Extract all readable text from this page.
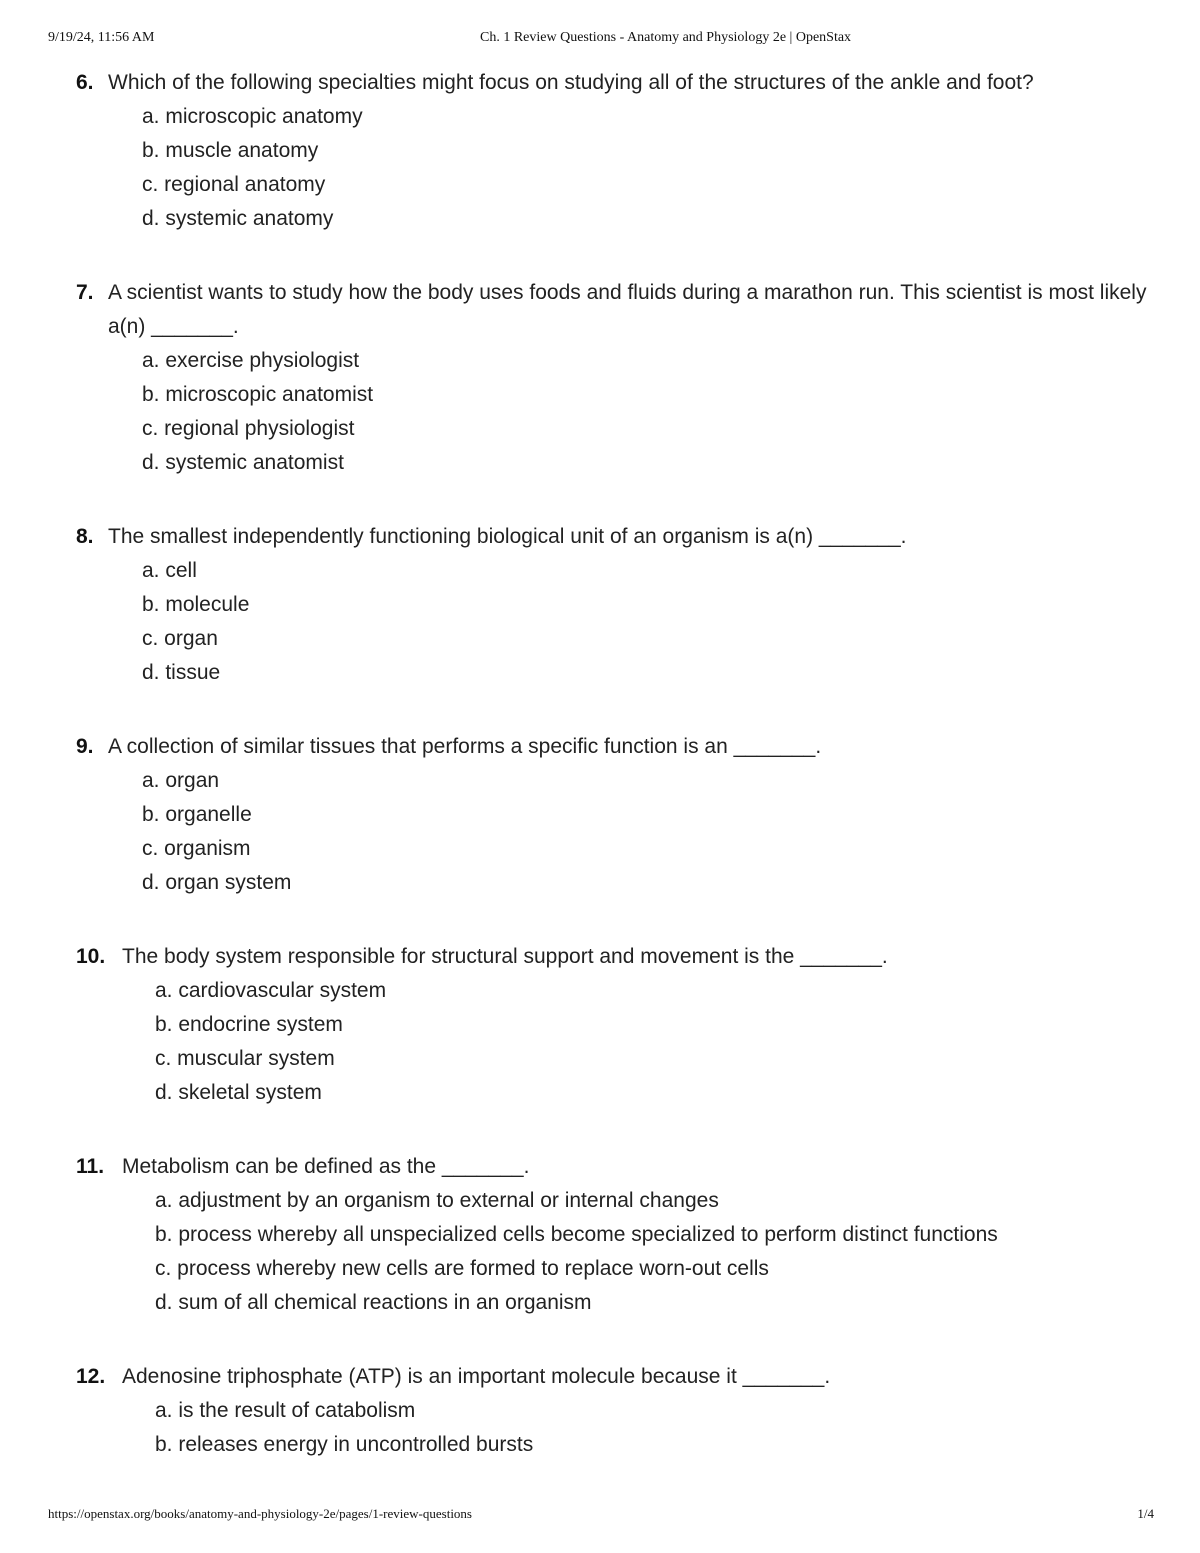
9/19/24, 11:56 AM	Ch. 1 Review Questions - Anatomy and Physiology 2e | OpenStax
6. Which of the following specialties might focus on studying all of the structures of the ankle and foot?
a. microscopic anatomy
b. muscle anatomy
c. regional anatomy
d. systemic anatomy
7. A scientist wants to study how the body uses foods and fluids during a marathon run. This scientist is most likely a(n) _______.
a. exercise physiologist
b. microscopic anatomist
c. regional physiologist
d. systemic anatomist
8. The smallest independently functioning biological unit of an organism is a(n) _______.
a. cell
b. molecule
c. organ
d. tissue
9. A collection of similar tissues that performs a specific function is an _______.
a. organ
b. organelle
c. organism
d. organ system
10. The body system responsible for structural support and movement is the _______.
a. cardiovascular system
b. endocrine system
c. muscular system
d. skeletal system
11. Metabolism can be defined as the _______.
a. adjustment by an organism to external or internal changes
b. process whereby all unspecialized cells become specialized to perform distinct functions
c. process whereby new cells are formed to replace worn-out cells
d. sum of all chemical reactions in an organism
12. Adenosine triphosphate (ATP) is an important molecule because it _______.
a. is the result of catabolism
b. releases energy in uncontrolled bursts
https://openstax.org/books/anatomy-and-physiology-2e/pages/1-review-questions	1/4
